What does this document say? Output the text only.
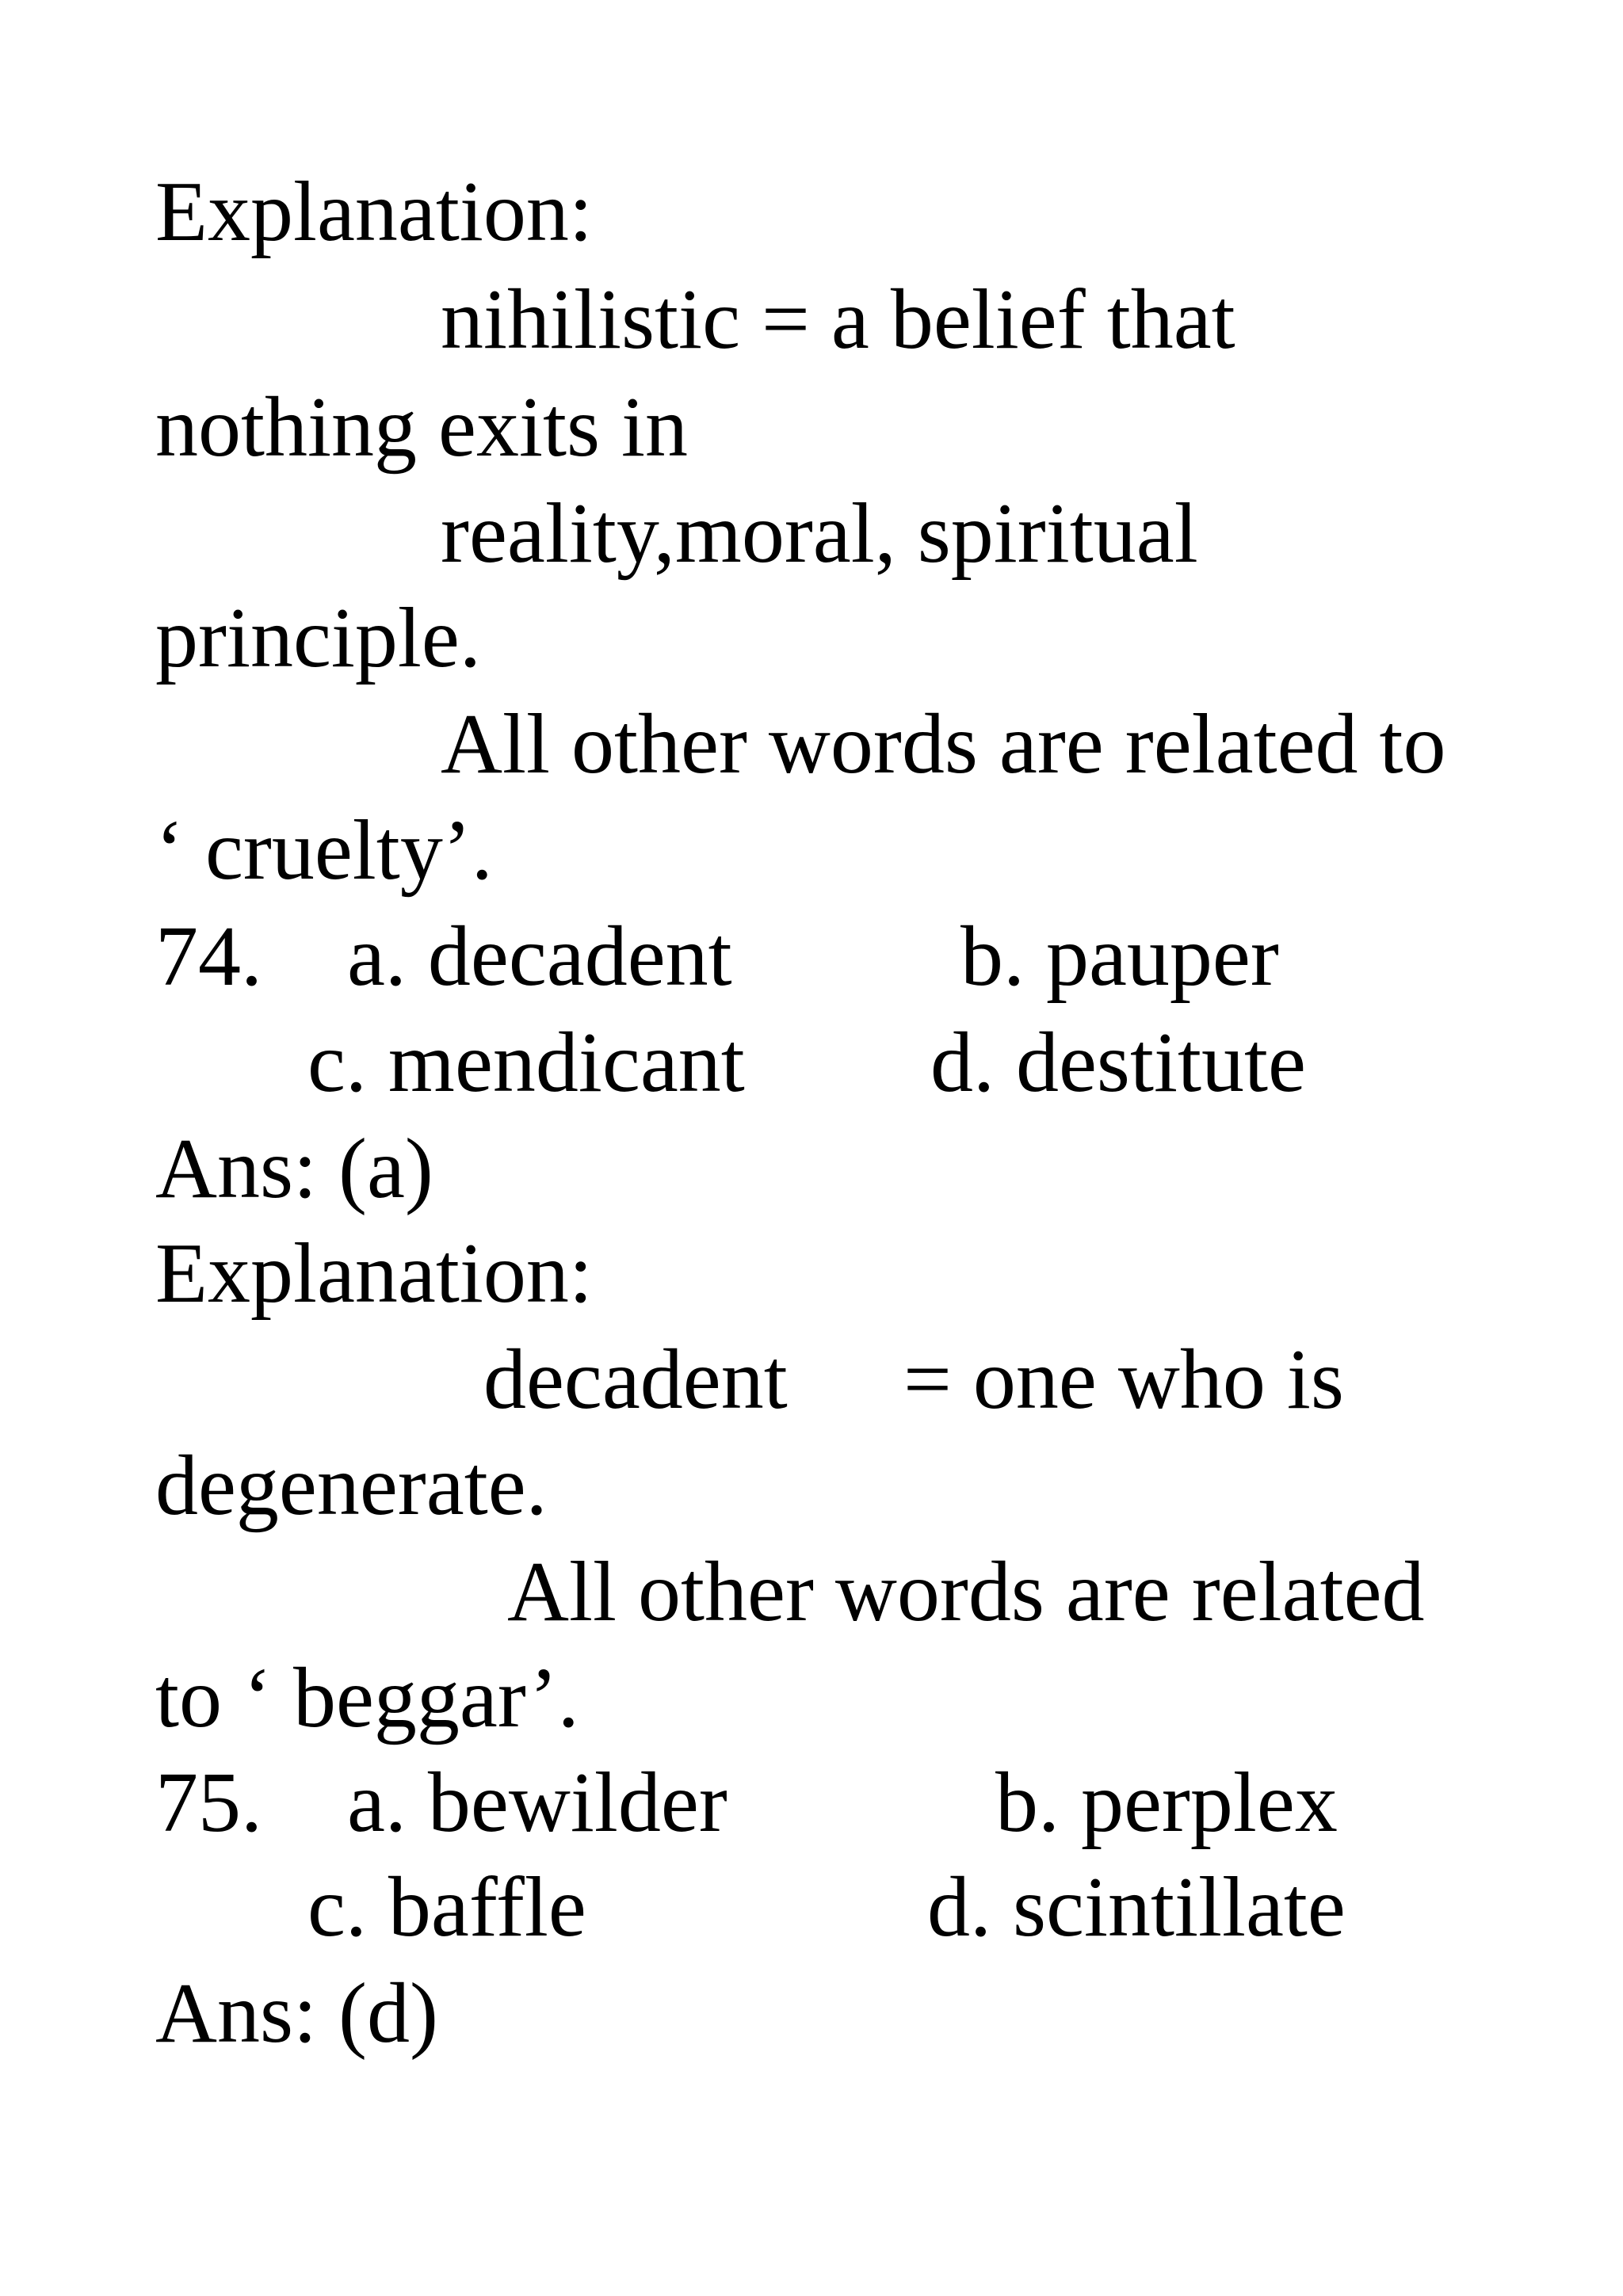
Explanation:
nihilistic = a belief that
nothing exits in
reality,moral, spiritual
principle.
All other words are related to
‘ cruelty’.
74. a. decadent	b. pauper
c. mendicant d. destitute
Ans: (a)
Explanation:
decadent = one who is
degenerate.
All other words are related
to ‘ beggar’.
75. a. bewilder	b. perplex
c. baffle	d. scintillate
Ans: (d)
